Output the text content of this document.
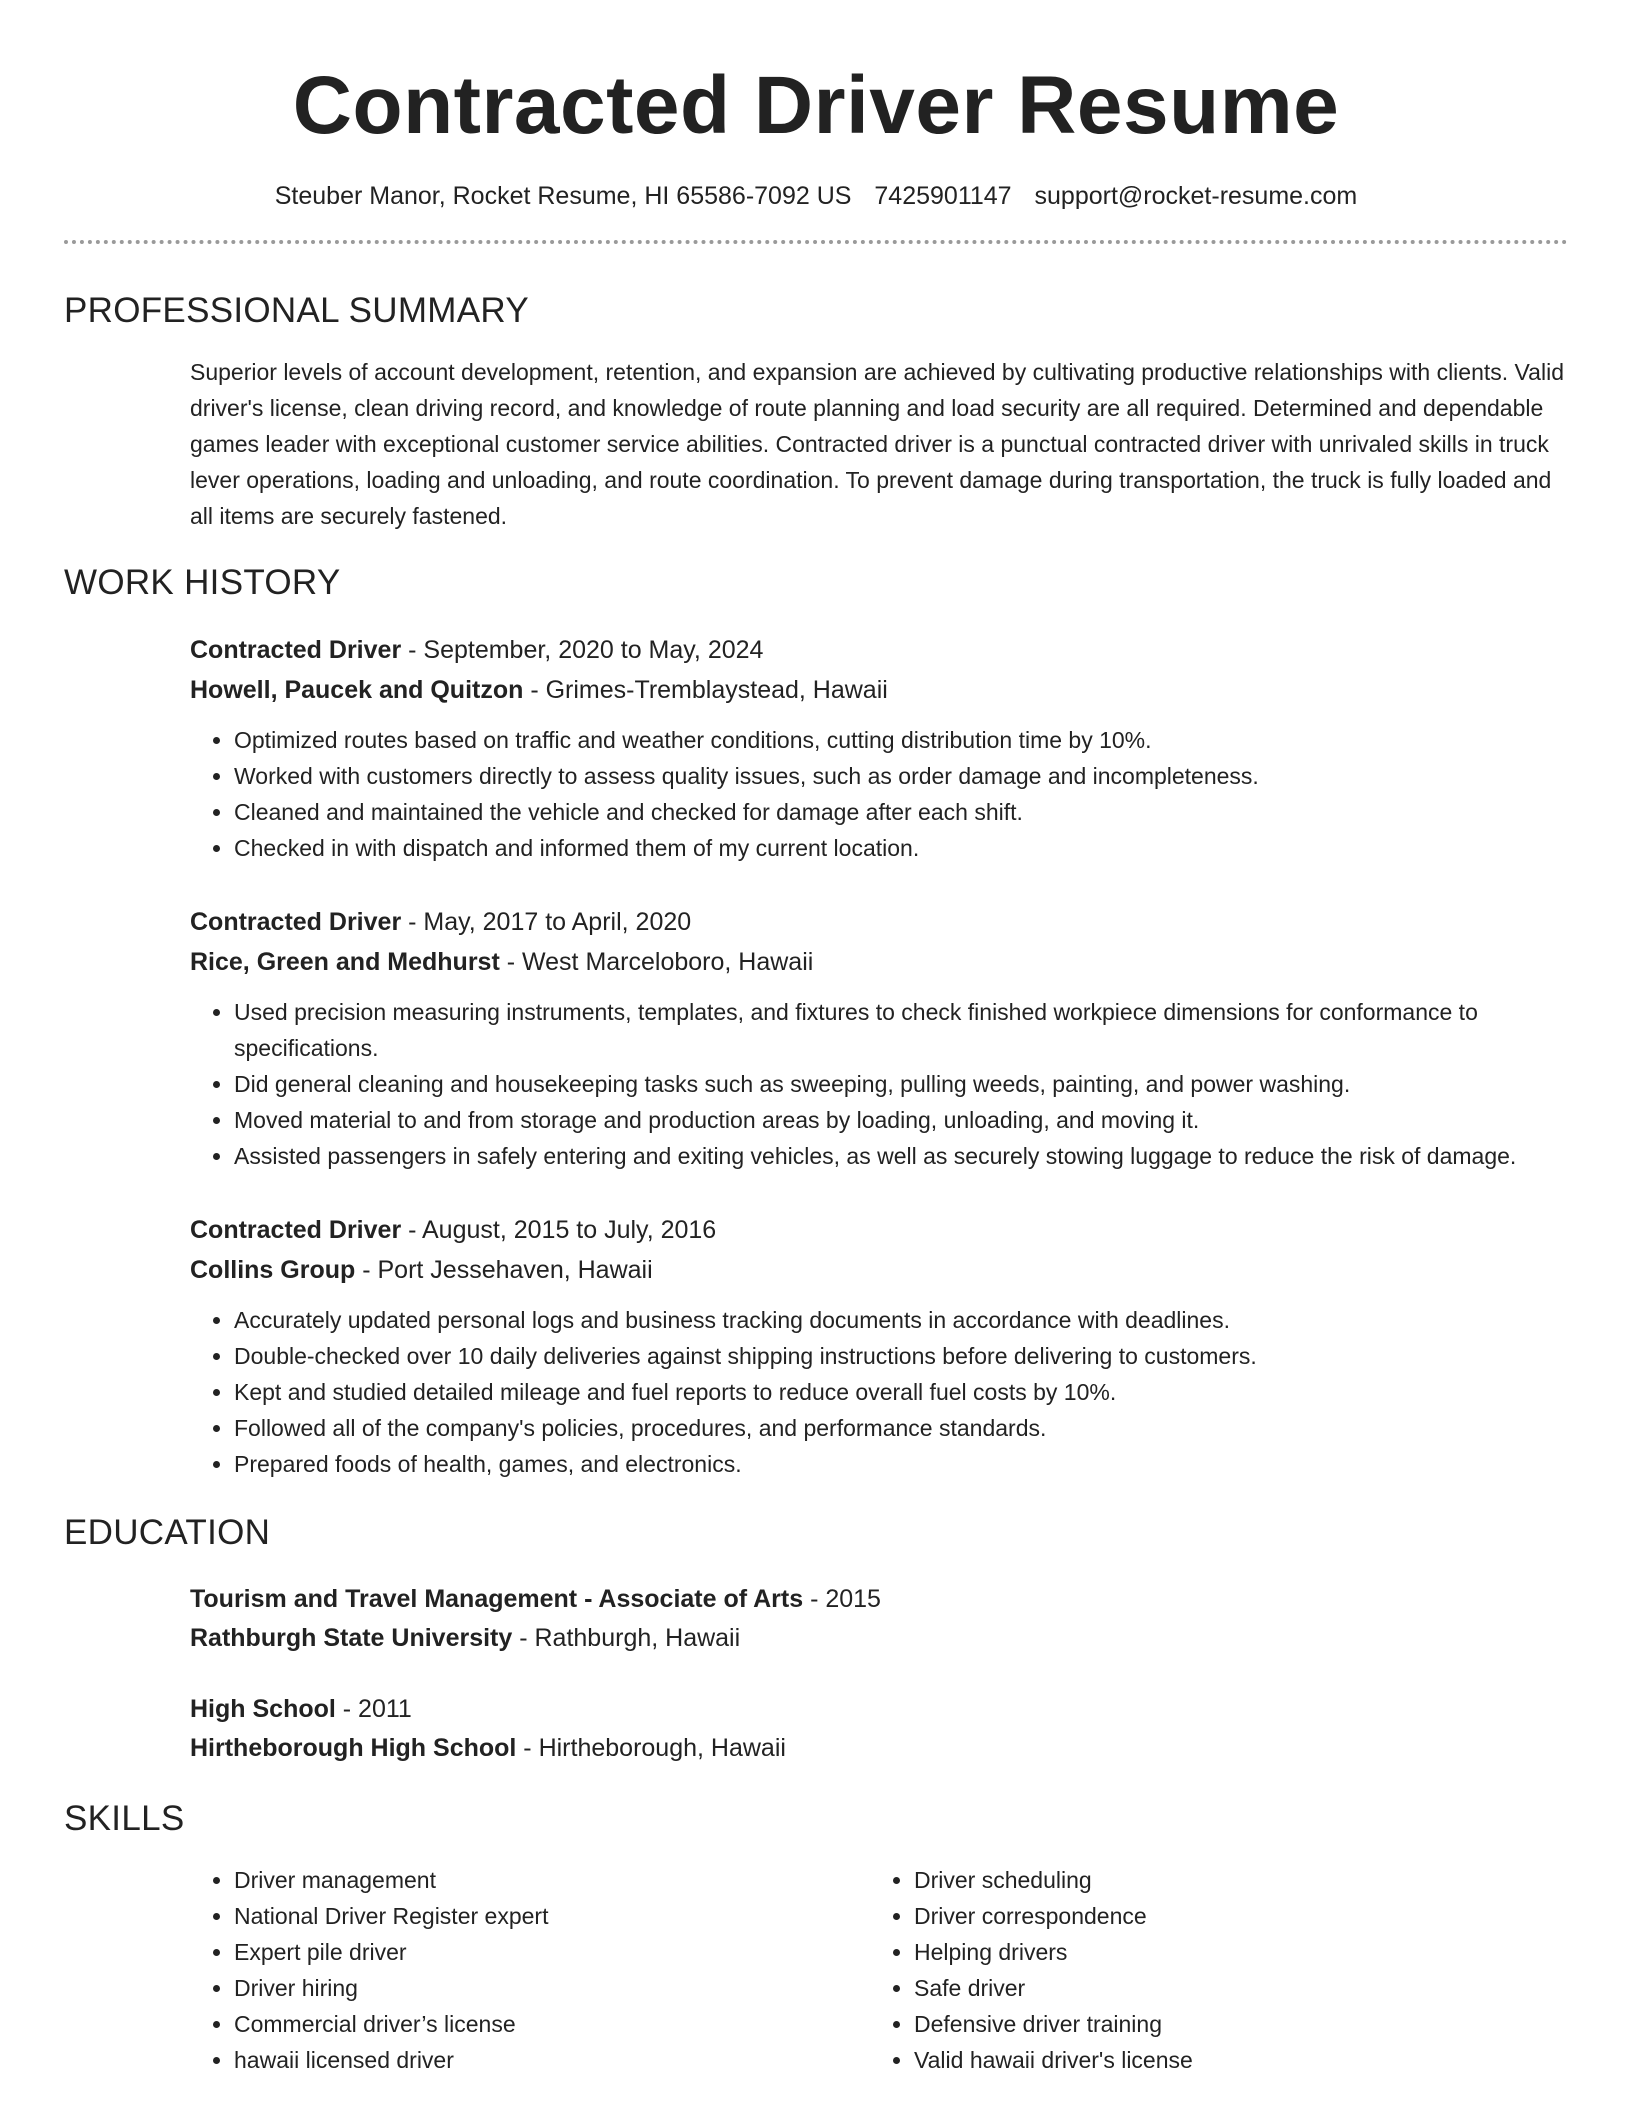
Contracted Driver Resume
Steuber Manor, Rocket Resume, HI 65586-7092 US 7425901147 support@rocket-resume.com
PROFESSIONAL SUMMARY

Superior levels of account development, retention, and expansion are achieved by cultivating productive relationships with clients. Valid driver's license, clean driving record, and knowledge of route planning and load security are all required. Determined and dependable games leader with exceptional customer service abilities. Contracted driver is a punctual contracted driver with unrivaled skills in truck lever operations, loading and unloading, and route coordination. To prevent damage during transportation, the truck is fully loaded and all items are securely fastened.

WORK HISTORY
Contracted Driver - September, 2020 to May, 2024
Howell, Paucek and Quitzon - Grimes-Tremblaystead, Hawaii
• Optimized routes based on traffic and weather conditions, cutting distribution time by 10%.
• Worked with customers directly to assess quality issues, such as order damage and incompleteness.
• Cleaned and maintained the vehicle and checked for damage after each shift.
• Checked in with dispatch and informed them of my current location.
Contracted Driver - May, 2017 to April, 2020
Rice, Green and Medhurst - West Marceloboro, Hawaii
• Used precision measuring instruments, templates, and fixtures to check finished workpiece dimensions for conformance to specifications.
• Did general cleaning and housekeeping tasks such as sweeping, pulling weeds, painting, and power washing.
• Moved material to and from storage and production areas by loading, unloading, and moving it.
• Assisted passengers in safely entering and exiting vehicles, as well as securely stowing luggage to reduce the risk of damage.
Contracted Driver - August, 2015 to July, 2016
Collins Group - Port Jessehaven, Hawaii
• Accurately updated personal logs and business tracking documents in accordance with deadlines.
• Double-checked over 10 daily deliveries against shipping instructions before delivering to customers.
• Kept and studied detailed mileage and fuel reports to reduce overall fuel costs by 10%.
• Followed all of the company's policies, procedures, and performance standards.
• Prepared foods of health, games, and electronics.
EDUCATION
Tourism and Travel Management - Associate of Arts - 2015
Rathburgh State University - Rathburgh, Hawaii
High School - 2011
Hirtheborough High School - Hirtheborough, Hawaii
SKILLS
• Driver management
• National Driver Register expert
• Expert pile driver
• Driver hiring
• Commercial driver’s license
• hawaii licensed driver
• Driver scheduling
• Driver correspondence
• Helping drivers
• Safe driver
• Defensive driver training
• Valid hawaii driver's license
